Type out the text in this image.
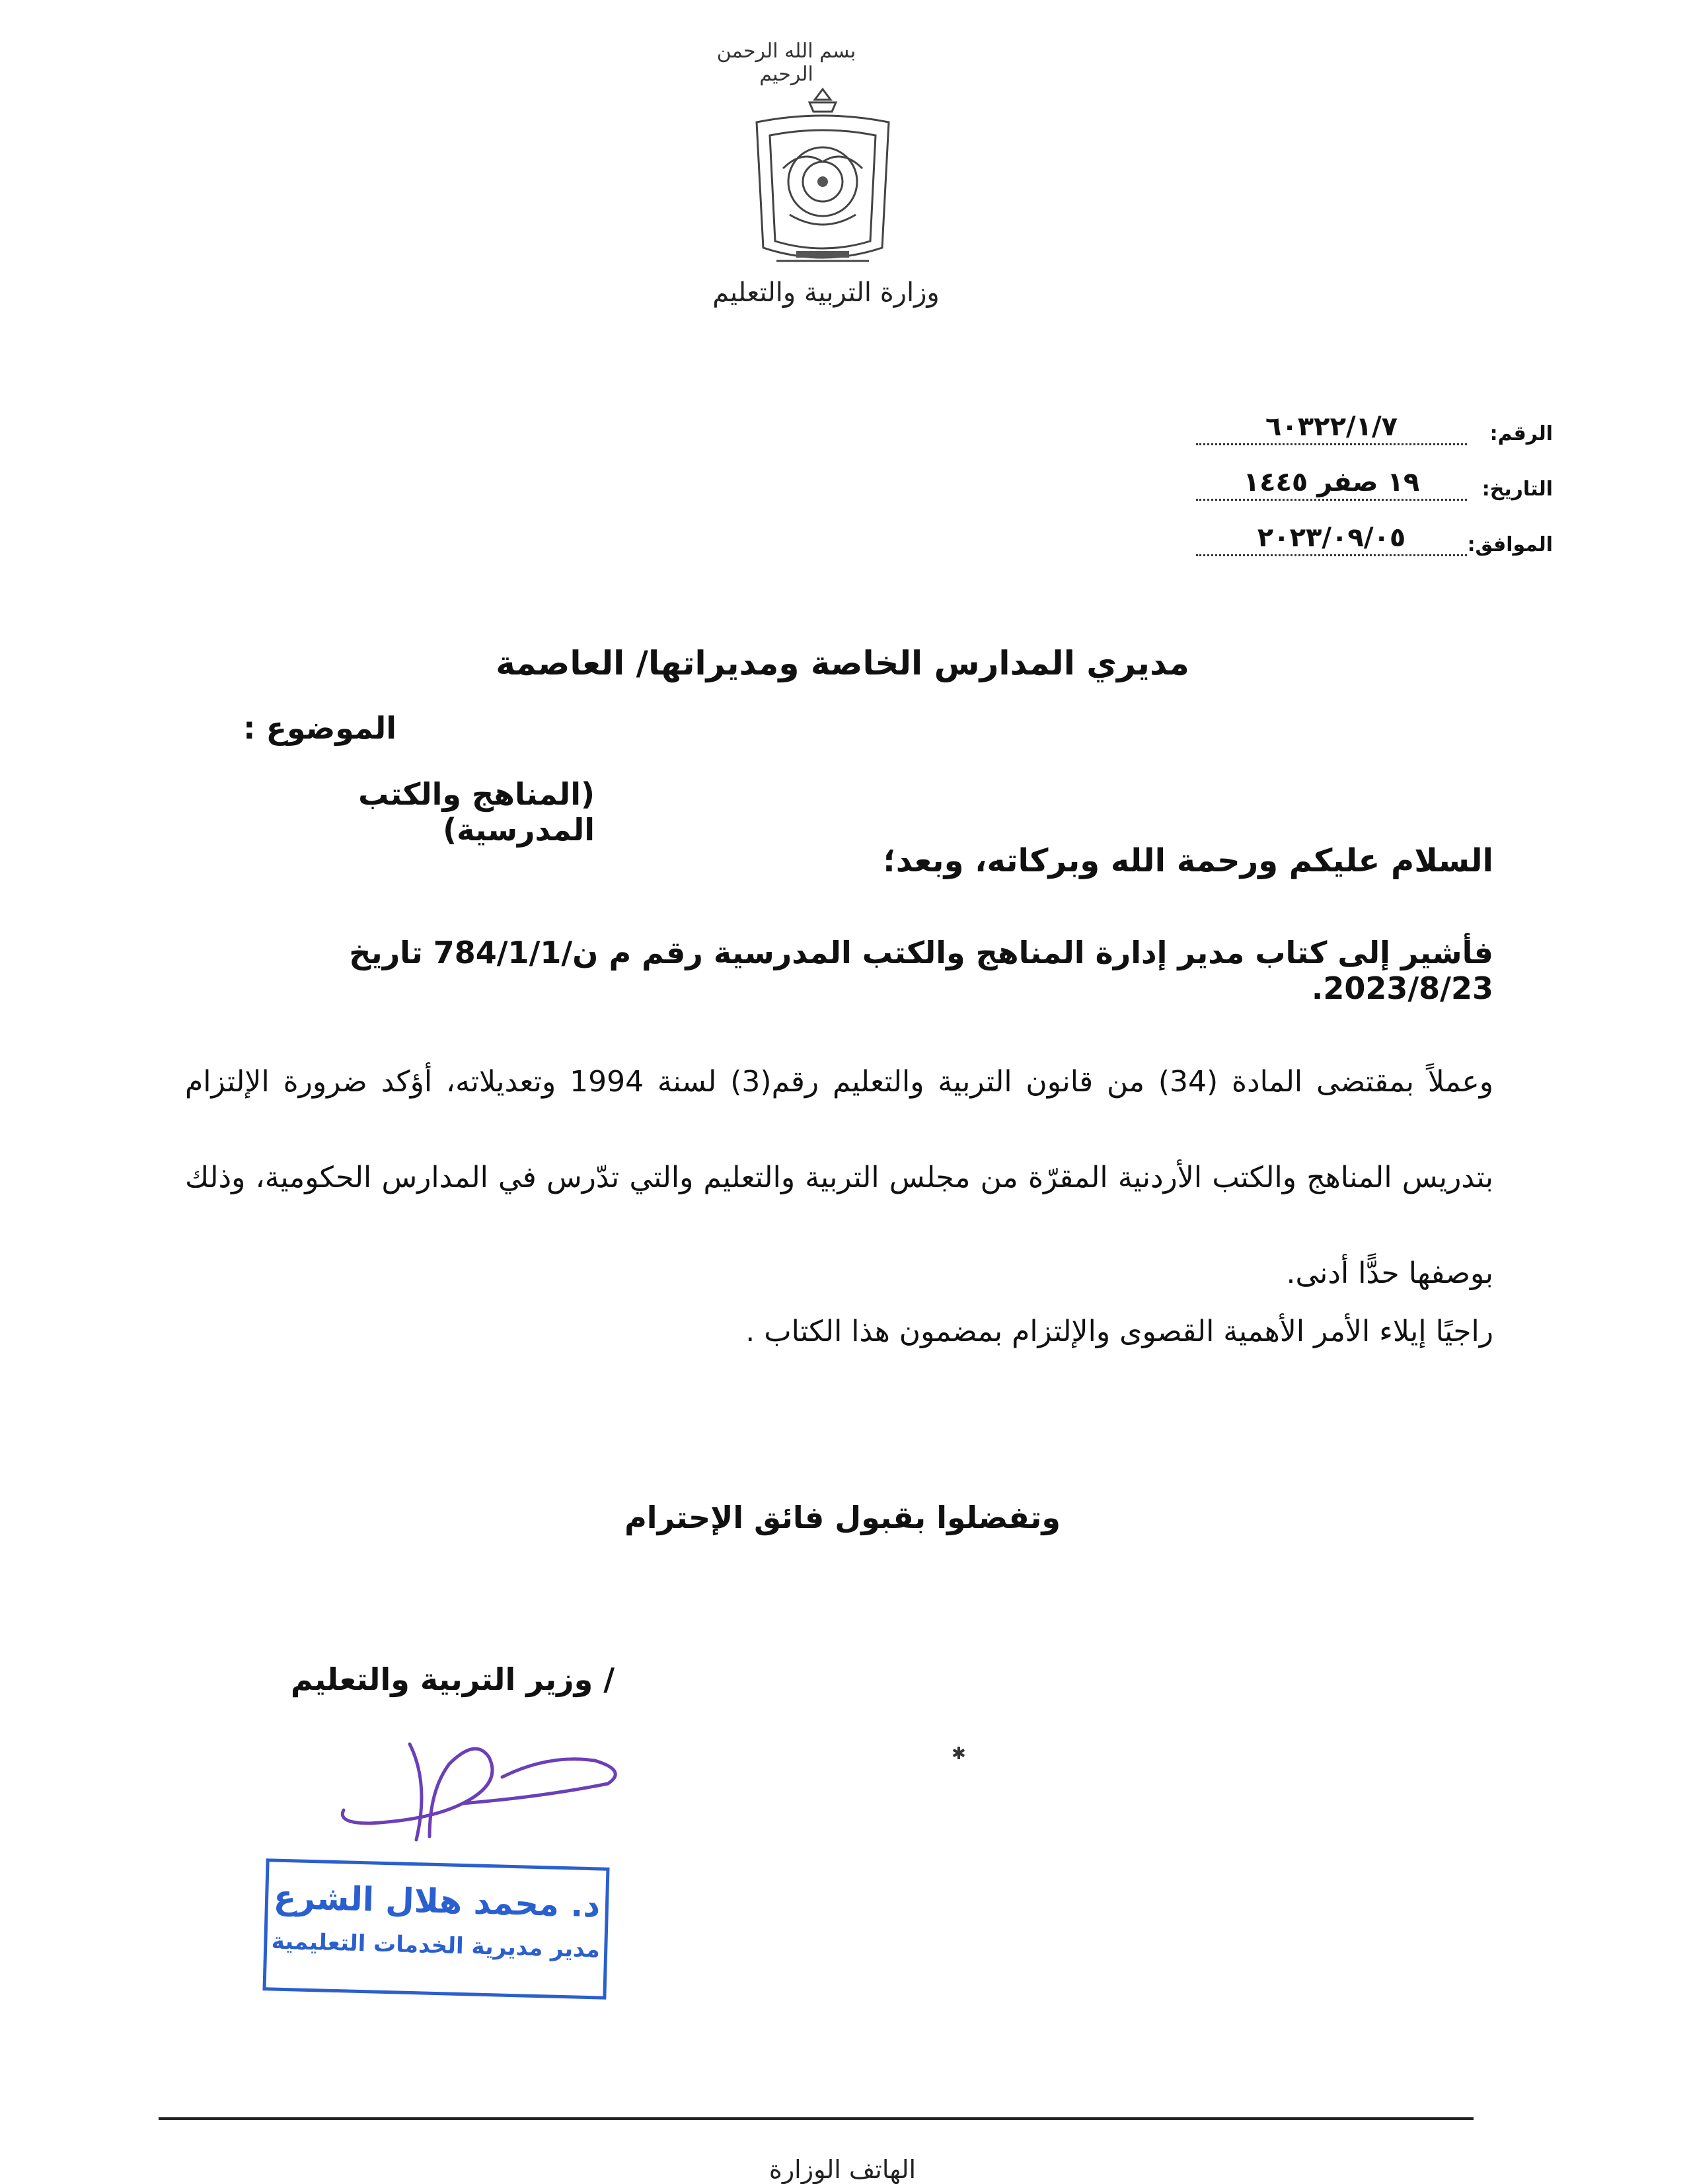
بسم الله الرحمن الرحيم
وزارة التربية والتعليم
الرقم:
٦٠٣٢٢/١/٧
التاريخ:
١٩ صفر ١٤٤٥
الموافق:
٢٠٢٣/٠٩/٠٥
مديري المدارس الخاصة ومديراتها/ العاصمة
الموضوع :
(المناهج والكتب المدرسية)
السلام عليكم ورحمة الله وبركاته، وبعد؛
فأشير إلى كتاب مدير إدارة المناهج والكتب المدرسية رقم م ن/784/1/1 تاريخ 2023/8/23.
وعملاً بمقتضى المادة (34) من قانون التربية والتعليم رقم(3) لسنة 1994 وتعديلاته، أؤكد ضرورة الإلتزام بتدريس المناهج والكتب الأردنية المقرّة من مجلس التربية والتعليم والتي تدّرس في المدارس الحكومية، وذلك بوصفها حدًّا أدنى.
راجيًا إيلاء الأمر الأهمية القصوى والإلتزام بمضمون هذا الكتاب .
وتفضلوا بقبول فائق الإحترام
/ وزير التربية والتعليم
د. محمد هلال الشرع
مدير مديرية الخدمات التعليمية
✱
الهاتف الوزارة
